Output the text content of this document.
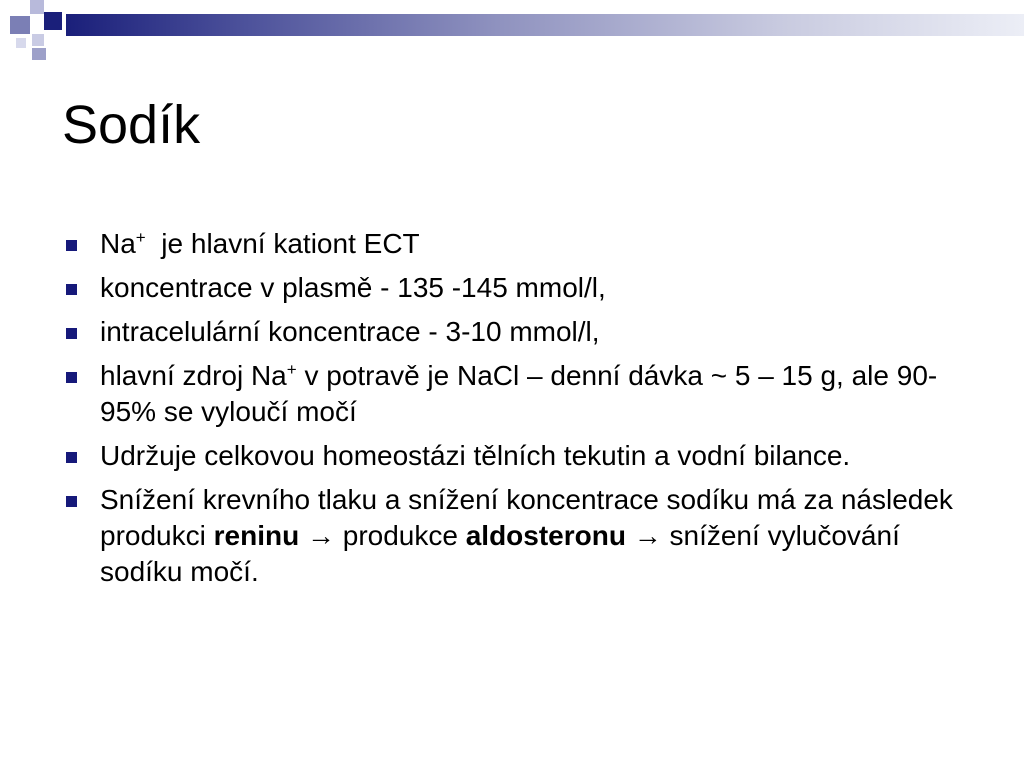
Sodík
Na+  je hlavní kationt ECT
koncentrace v plasmě - 135 -145 mmol/l,
intracelulární koncentrace - 3-10 mmol/l,
hlavní zdroj Na+ v potravě je NaCl – denní dávka ~ 5 – 15 g, ale 90-95% se vyloučí močí
Udržuje celkovou homeostázi tělních tekutin a vodní bilance.
Snížení krevního tlaku a snížení koncentrace sodíku má za následek produkci reninu → produkce aldosteronu → snížení vylučování sodíku močí.
